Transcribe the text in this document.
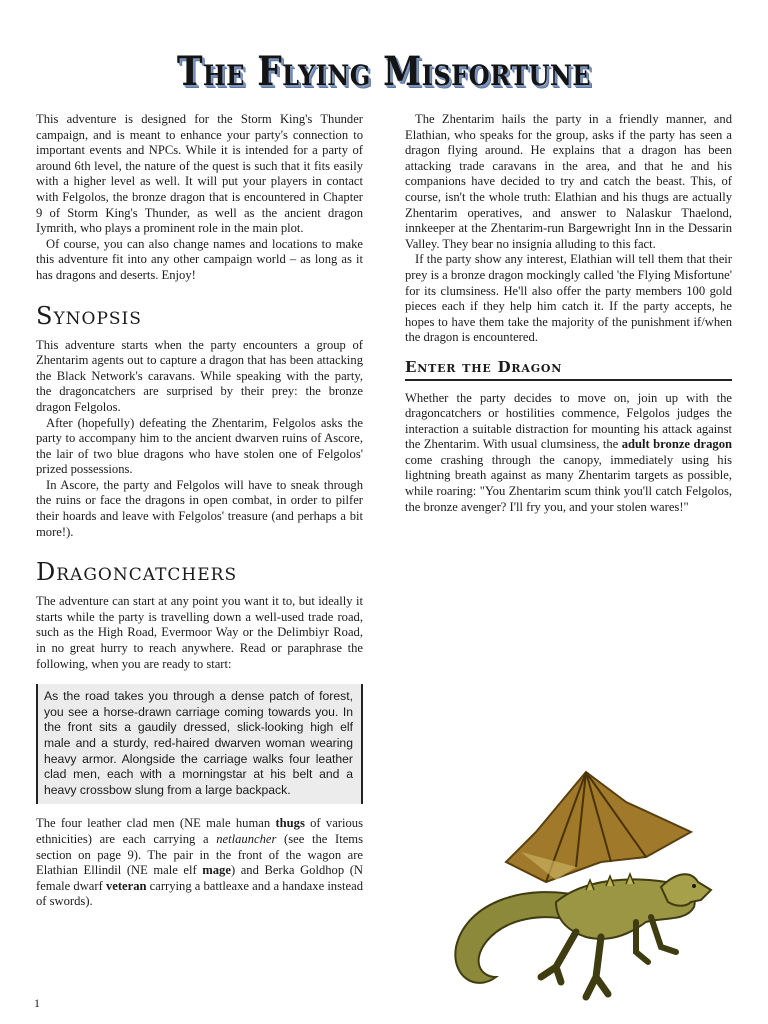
The Flying Misfortune

This adventure is designed for the Storm King's Thunder campaign, and is meant to enhance your party's connection to important events and NPCs. While it is intended for a party of around 6th level, the nature of the quest is such that it fits easily with a higher level as well. It will put your players in contact with Felgolos, the bronze dragon that is encountered in Chapter 9 of Storm King's Thunder, as well as the ancient dragon Iymrith, who plays a prominent role in the main plot.

Of course, you can also change names and locations to make this adventure fit into any other campaign world – as long as it has dragons and deserts. Enjoy!

Synopsis

This adventure starts when the party encounters a group of Zhentarim agents out to capture a dragon that has been attacking the Black Network's caravans. While speaking with the party, the dragoncatchers are surprised by their prey: the bronze dragon Felgolos.

After (hopefully) defeating the Zhentarim, Felgolos asks the party to accompany him to the ancient dwarven ruins of Ascore, the lair of two blue dragons who have stolen one of Felgolos' prized possessions.

In Ascore, the party and Felgolos will have to sneak through the ruins or face the dragons in open combat, in order to pilfer their hoards and leave with Felgolos' treasure (and perhaps a bit more!).

Dragoncatchers

The adventure can start at any point you want it to, but ideally it starts while the party is travelling down a well-used trade road, such as the High Road, Evermoor Way or the Delimbiyr Road, in no great hurry to reach anywhere. Read or paraphrase the following, when you are ready to start:

As the road takes you through a dense patch of forest, you see a horse-drawn carriage coming towards you. In the front sits a gaudily dressed, slick-looking high elf male and a sturdy, red-haired dwarven woman wearing heavy armor. Alongside the carriage walks four leather clad men, each with a morningstar at his belt and a heavy crossbow slung from a large backpack.

The four leather clad men (NE male human thugs of various ethnicities) are each carrying a netlauncher (see the Items section on page 9). The pair in the front of the wagon are Elathian Ellindil (NE male elf mage) and Berka Goldhop (N female dwarf veteran carrying a battleaxe and a handaxe instead of swords).

The Zhentarim hails the party in a friendly manner, and Elathian, who speaks for the group, asks if the party has seen a dragon flying around. He explains that a dragon has been attacking trade caravans in the area, and that he and his companions have decided to try and catch the beast. This, of course, isn't the whole truth: Elathian and his thugs are actually Zhentarim operatives, and answer to Nalaskur Thaelond, innkeeper at the Zhentarim-run Bargewright Inn in the Dessarin Valley. They bear no insignia alluding to this fact.

If the party show any interest, Elathian will tell them that their prey is a bronze dragon mockingly called 'the Flying Misfortune' for its clumsiness. He'll also offer the party members 100 gold pieces each if they help him catch it. If the party accepts, he hopes to have them take the majority of the punishment if/when the dragon is encountered.

Enter the Dragon

Whether the party decides to move on, join up with the dragoncatchers or hostilities commence, Felgolos judges the interaction a suitable distraction for mounting his attack against the Zhentarim. With usual clumsiness, the adult bronze dragon come crashing through the canopy, immediately using his lightning breath against as many Zhentarim targets as possible, while roaring: "You Zhentarim scum think you'll catch Felgolos, the bronze avenger? I'll fry you, and your stolen wares!"

1
